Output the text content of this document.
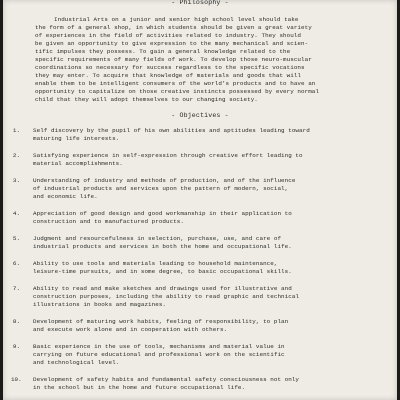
- Philosophy -
Industrial Arts on a junior and senior high school level should take
the form of a general shop, in which students should be given a great variety
of experiences in the field of activities related to industry. They should
be given an opportunity to give expression to the many mechanical and scien-
tific impulses they possess. To gain a general knowledge related to the
specific requirements of many fields of work. To develop those neuro-muscular
coordinations so necessary for success regardless to the specific vocations
they may enter. To acquire that knowledge of materials and goods that will
enable them to be intelligent consumers of the world's products and to have an
opportunity to capitalize on those creative instincts possessed by every normal
child that they will adopt themselves to our changing society.
- Objectives -
1. Self discovery by the pupil of his own abilities and aptitudes leading toward
maturing life interests.
2. Satisfying experience in self-expression through creative effort leading to
material accomplishments.
3. Understanding of industry and methods of production, and of the influence
of industrial products and services upon the pattern of modern, social,
and economic life.
4. Appreciation of good design and good workmanship in their application to
construction and to manufactured products.
5. Judgment and resourcefulness in selection, purchase, use, and care of
industrial products and services in both the home and occupational life.
6. Ability to use tools and materials leading to household maintenance,
leisure-time pursuits, and in some degree, to basic occupational skills.
7. Ability to read and make sketches and drawings used for illustrative and
construction purposes, including the ability to read graphic and technical
illustrations in books and magazines.
8. Development of maturing work habits, feeling of responsibility, to plan
and execute work alone and in cooperation with others.
9. Basic experience in the use of tools, mechanisms and material value in
carrying on future educational and professional work on the scientific
and technological level.
10. Development of safety habits and fundamental safety consciousness not only
in the school but in the home and future occupational life.
